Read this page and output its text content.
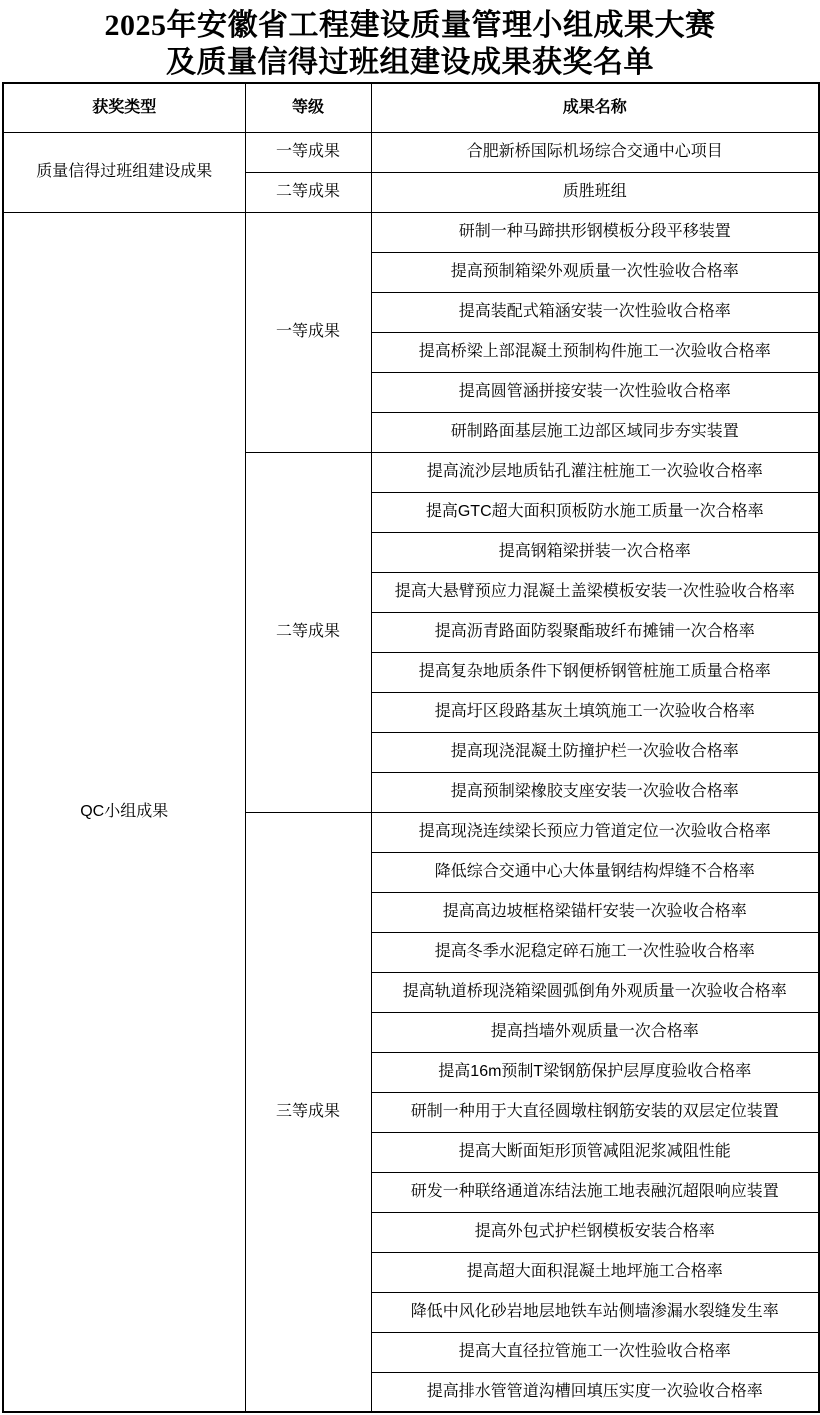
2025年安徽省工程建设质量管理小组成果大赛
及质量信得过班组建设成果获奖名单
获奖类型	等级	成果名称
质量信得过班组建设成果	一等成果	合肥新桥国际机场综合交通中心项目
	二等成果	质胜班组
QC小组成果	一等成果	研制一种马蹄拱形钢模板分段平移装置
		提高预制箱梁外观质量一次性验收合格率
		提高装配式箱涵安装一次性验收合格率
		提高桥梁上部混凝土预制构件施工一次验收合格率
		提高圆管涵拼接安装一次性验收合格率
		研制路面基层施工边部区域同步夯实装置
	二等成果	提高流沙层地质钻孔灌注桩施工一次验收合格率
		提高GTC超大面积顶板防水施工质量一次合格率
		提高钢箱梁拼装一次合格率
		提高大悬臂预应力混凝土盖梁模板安装一次性验收合格率
		提高沥青路面防裂聚酯玻纤布摊铺一次合格率
		提高复杂地质条件下钢便桥钢管桩施工质量合格率
		提高圩区段路基灰土填筑施工一次验收合格率
		提高现浇混凝土防撞护栏一次验收合格率
		提高预制梁橡胶支座安装一次验收合格率
	三等成果	提高现浇连续梁长预应力管道定位一次验收合格率
		降低综合交通中心大体量钢结构焊缝不合格率
		提高高边坡框格梁锚杆安装一次验收合格率
		提高冬季水泥稳定碎石施工一次性验收合格率
		提高轨道桥现浇箱梁圆弧倒角外观质量一次验收合格率
		提高挡墙外观质量一次合格率
		提高16m预制T梁钢筋保护层厚度验收合格率
		研制一种用于大直径圆墩柱钢筋安装的双层定位装置
		提高大断面矩形顶管减阻泥浆减阻性能
		研发一种联络通道冻结法施工地表融沉超限响应装置
		提高外包式护栏钢模板安装合格率
		提高超大面积混凝土地坪施工合格率
		降低中风化砂岩地层地铁车站侧墙渗漏水裂缝发生率
		提高大直径拉管施工一次性验收合格率
		提高排水管管道沟槽回填压实度一次验收合格率
